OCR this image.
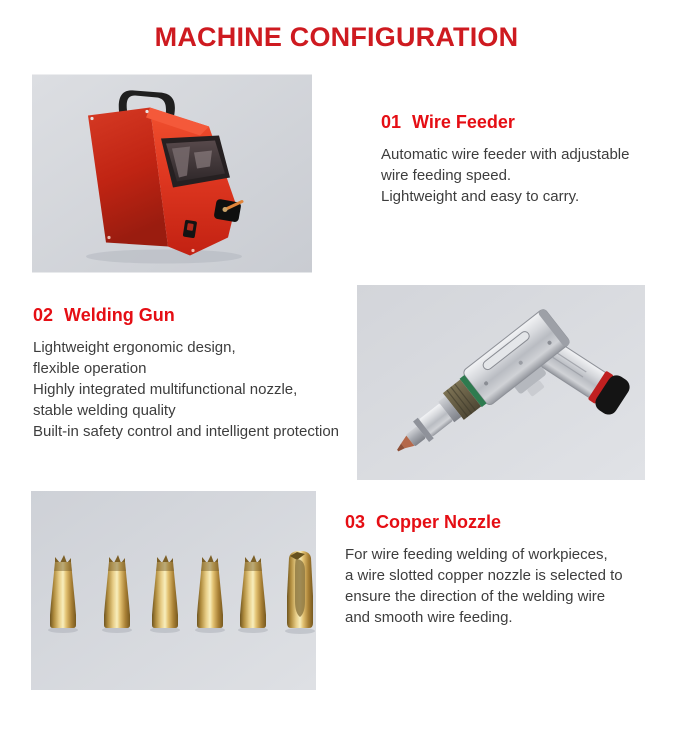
MACHINE CONFIGURATION
01 Wire Feeder
Automatic wire feeder with adjustable
wire feeding speed.
Lightweight and easy to carry.
02 Welding Gun
Lightweight ergonomic design,
flexible operation
Highly integrated multifunctional nozzle,
stable welding quality
Built-in safety control and intelligent protection
03 Copper Nozzle
For wire feeding welding of workpieces,
a wire slotted copper nozzle is selected to
ensure the direction of the welding wire
and smooth wire feeding.
